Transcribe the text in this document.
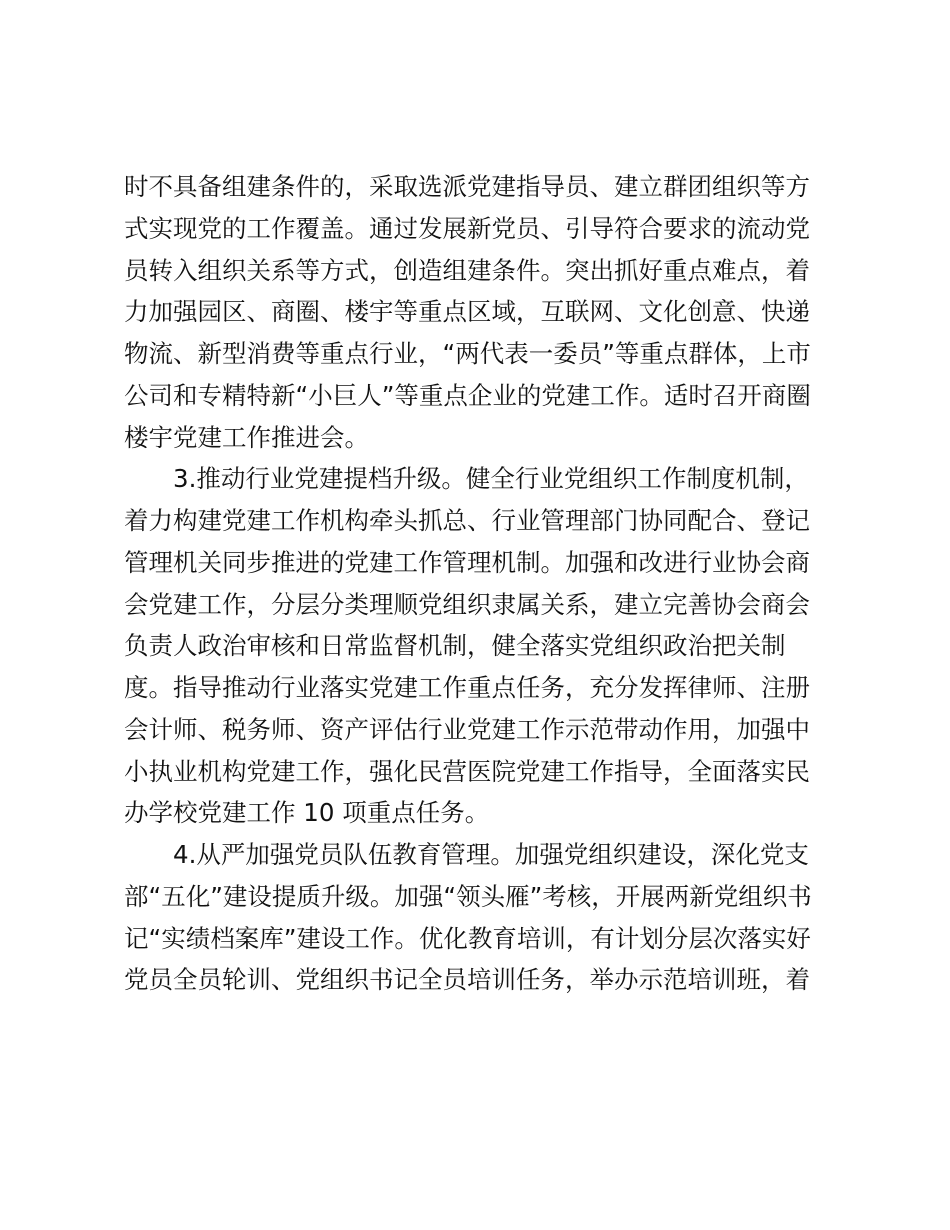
时不具备组建条件的，采取选派党建指导员、建立群团组织等方
式实现党的工作覆盖。通过发展新党员、引导符合要求的流动党
员转入组织关系等方式，创造组建条件。突出抓好重点难点，着
力加强园区、商圈、楼宇等重点区域，互联网、文化创意、快递
物流、新型消费等重点行业，“两代表一委员”等重点群体，上市
公司和专精特新“小巨人”等重点企业的党建工作。适时召开商圈
楼宇党建工作推进会。
3.推动行业党建提档升级。健全行业党组织工作制度机制，
着力构建党建工作机构牵头抓总、行业管理部门协同配合、登记
管理机关同步推进的党建工作管理机制。加强和改进行业协会商
会党建工作，分层分类理顺党组织隶属关系，建立完善协会商会
负责人政治审核和日常监督机制，健全落实党组织政治把关制
度。指导推动行业落实党建工作重点任务，充分发挥律师、注册
会计师、税务师、资产评估行业党建工作示范带动作用，加强中
小执业机构党建工作，强化民营医院党建工作指导，全面落实民
办学校党建工作 10 项重点任务。
4.从严加强党员队伍教育管理。加强党组织建设，深化党支
部“五化”建设提质升级。加强“领头雁”考核，开展两新党组织书
记“实绩档案库”建设工作。优化教育培训，有计划分层次落实好
党员全员轮训、党组织书记全员培训任务，举办示范培训班，着
